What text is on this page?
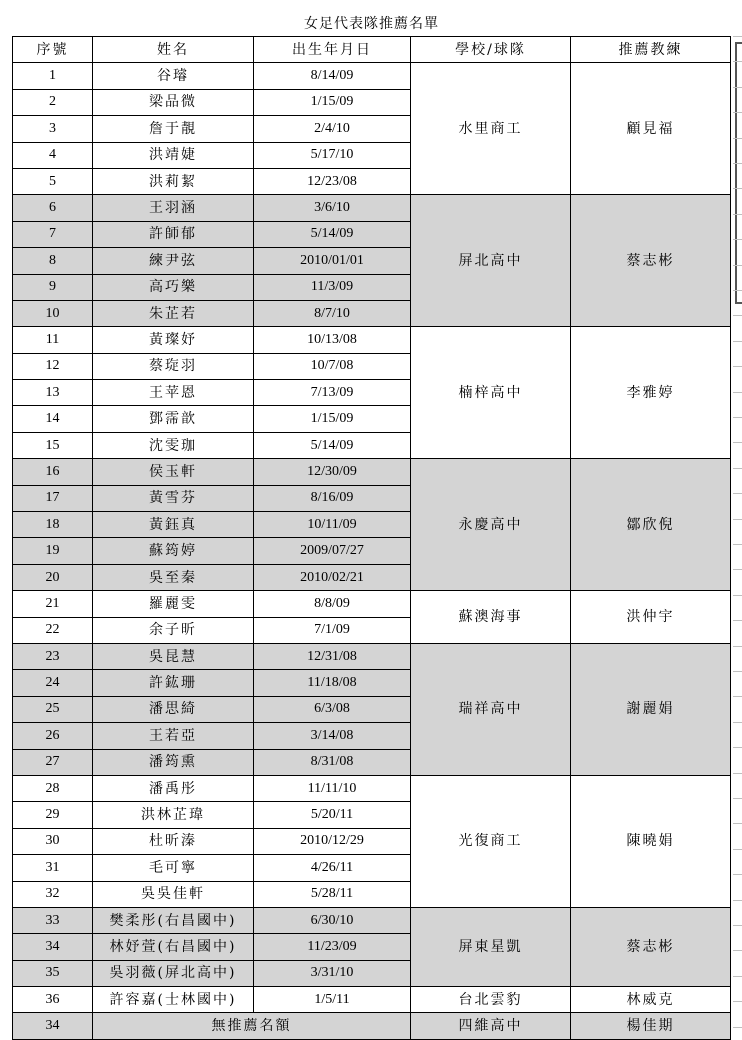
女足代表隊推薦名單				
序號	姓名	出生年月日	學校/球隊	推薦教練
1	谷璿	8/14/09	水里商工	顧見福
2	梁品微	1/15/09		
3	詹于靚	2/4/10		
4	洪靖婕	5/17/10		
5	洪莉絜	12/23/08		
6	王羽涵	3/6/10	屏北高中	蔡志彬
7	許師郁	5/14/09		
8	練尹弦	2010/01/01		
9	高巧樂	11/3/09		
10	朱芷若	8/7/10		
11	黃璨妤	10/13/08	楠梓高中	李雅婷
12	蔡琁羽	10/7/08		
13	王苹恩	7/13/09		
14	鄧霈歆	1/15/09		
15	沈雯珈	5/14/09		
16	侯玉軒	12/30/09	永慶高中	鄒欣倪
17	黃雪芬	8/16/09		
18	黃鈺真	10/11/09		
19	蘇筠婷	2009/07/27		
20	吳至秦	2010/02/21		
21	羅麗雯	8/8/09	蘇澳海事	洪仲宇
22	余子昕	7/1/09		
23	吳昆慧	12/31/08	瑞祥高中	謝麗娟
24	許鈜珊	11/18/08		
25	潘思綺	6/3/08		
26	王若亞	3/14/08		
27	潘筠熏	8/31/08		
28	潘禹彤	11/11/10	光復商工	陳曉娟
29	洪林芷瑋	5/20/11		
30	杜昕溱	2010/12/29		
31	毛可寧	4/26/11		
32	吳吳佳軒	5/28/11		
33	樊柔彤(右昌國中)	6/30/10	屏東星凱	蔡志彬
34	林妤萱(右昌國中)	11/23/09		
35	吳羽薇(屏北高中)	3/31/10		
36	許容嘉(士林國中)	1/5/11	台北雲豹	林威克
34	無推薦名額		四維高中	楊佳期
